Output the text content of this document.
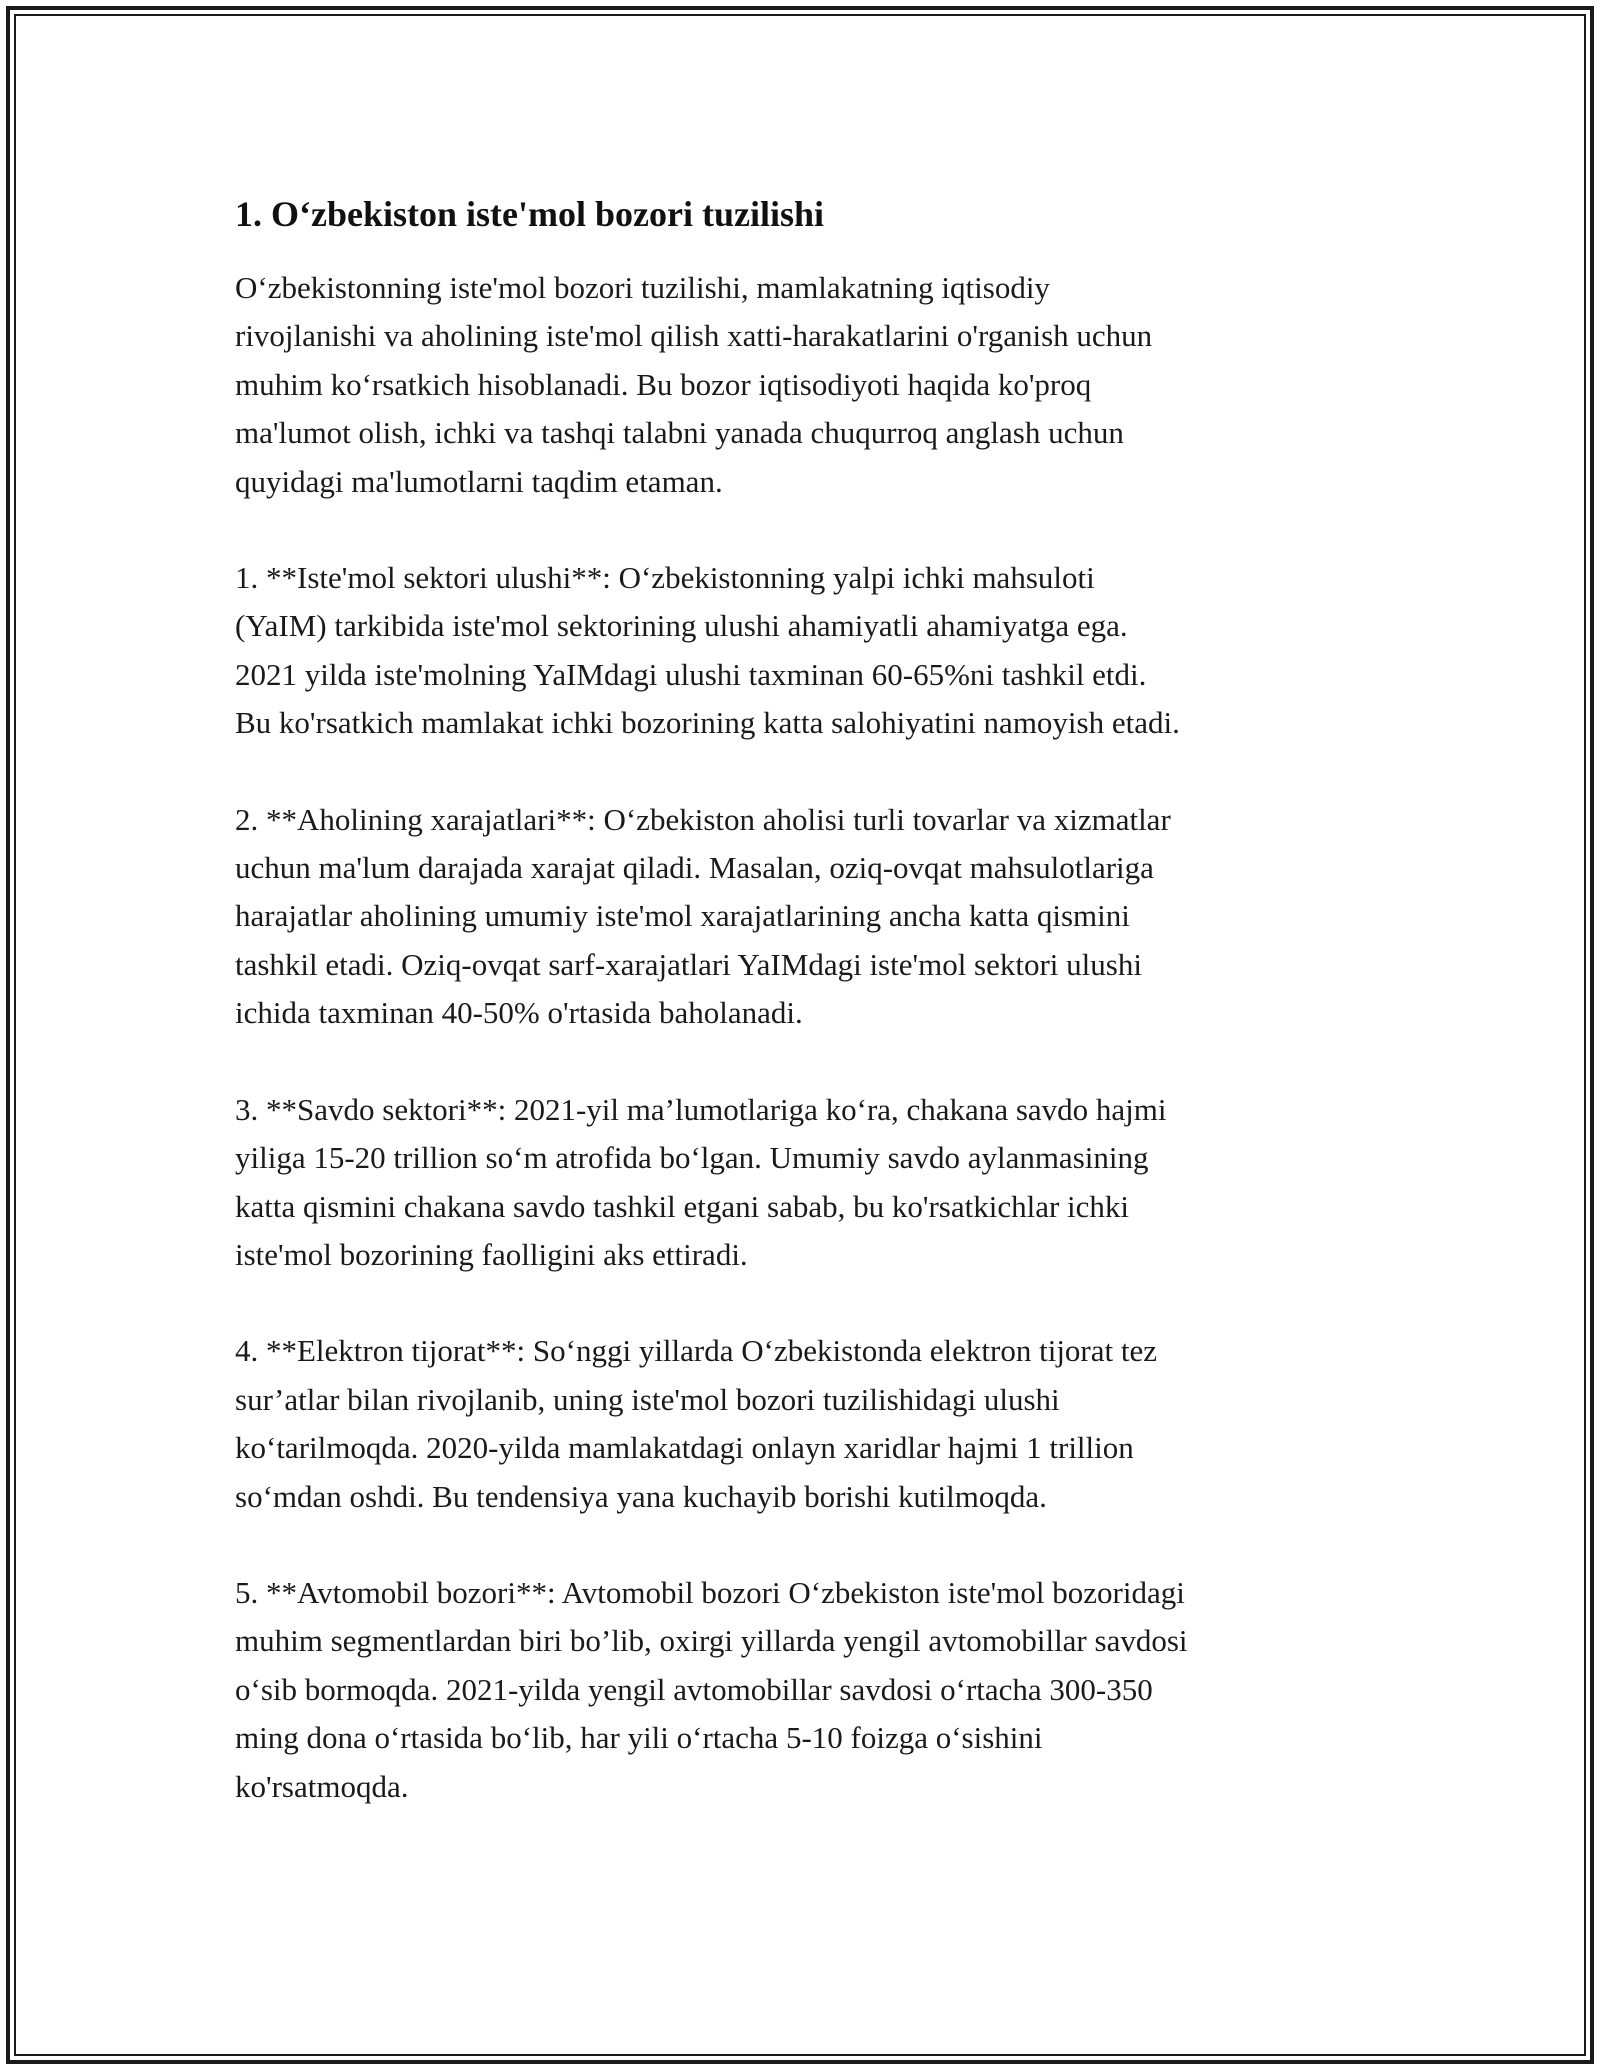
1. O‘zbekiston iste'mol bozori tuzilishi

O‘zbekistonning iste'mol bozori tuzilishi, mamlakatning iqtisodiy
rivojlanishi va aholining iste'mol qilish xatti-harakatlarini o'rganish uchun
muhim ko‘rsatkich hisoblanadi. Bu bozor iqtisodiyoti haqida ko'proq
ma'lumot olish, ichki va tashqi talabni yanada chuqurroq anglash uchun
quyidagi ma'lumotlarni taqdim etaman.

1. **Iste'mol sektori ulushi**: O‘zbekistonning yalpi ichki mahsuloti
(YaIM) tarkibida iste'mol sektorining ulushi ahamiyatli ahamiyatga ega.
2021 yilda iste'molning YaIMdagi ulushi taxminan 60-65%ni tashkil etdi.
Bu ko'rsatkich mamlakat ichki bozorining katta salohiyatini namoyish etadi.

2. **Aholining xarajatlari**: O‘zbekiston aholisi turli tovarlar va xizmatlar
uchun ma'lum darajada xarajat qiladi. Masalan, oziq-ovqat mahsulotlariga
harajatlar aholining umumiy iste'mol xarajatlarining ancha katta qismini
tashkil etadi. Oziq-ovqat sarf-xarajatlari YaIMdagi iste'mol sektori ulushi
ichida taxminan 40-50% o'rtasida baholanadi.

3. **Savdo sektori**: 2021-yil ma’lumotlariga ko‘ra, chakana savdo hajmi
yiliga 15-20 trillion so‘m atrofida bo‘lgan. Umumiy savdo aylanmasining
katta qismini chakana savdo tashkil etgani sabab, bu ko'rsatkichlar ichki
iste'mol bozorining faolligini aks ettiradi.

4. **Elektron tijorat**: So‘nggi yillarda O‘zbekistonda elektron tijorat tez
sur’atlar bilan rivojlanib, uning iste'mol bozori tuzilishidagi ulushi
ko‘tarilmoqda. 2020-yilda mamlakatdagi onlayn xaridlar hajmi 1 trillion
so‘mdan oshdi. Bu tendensiya yana kuchayib borishi kutilmoqda.

5. **Avtomobil bozori**: Avtomobil bozori O‘zbekiston iste'mol bozoridagi
muhim segmentlardan biri bo’lib, oxirgi yillarda yengil avtomobillar savdosi
o‘sib bormoqda. 2021-yilda yengil avtomobillar savdosi o‘rtacha 300-350
ming dona o‘rtasida bo‘lib, har yili o‘rtacha 5-10 foizga o‘sishini
ko'rsatmoqda.
